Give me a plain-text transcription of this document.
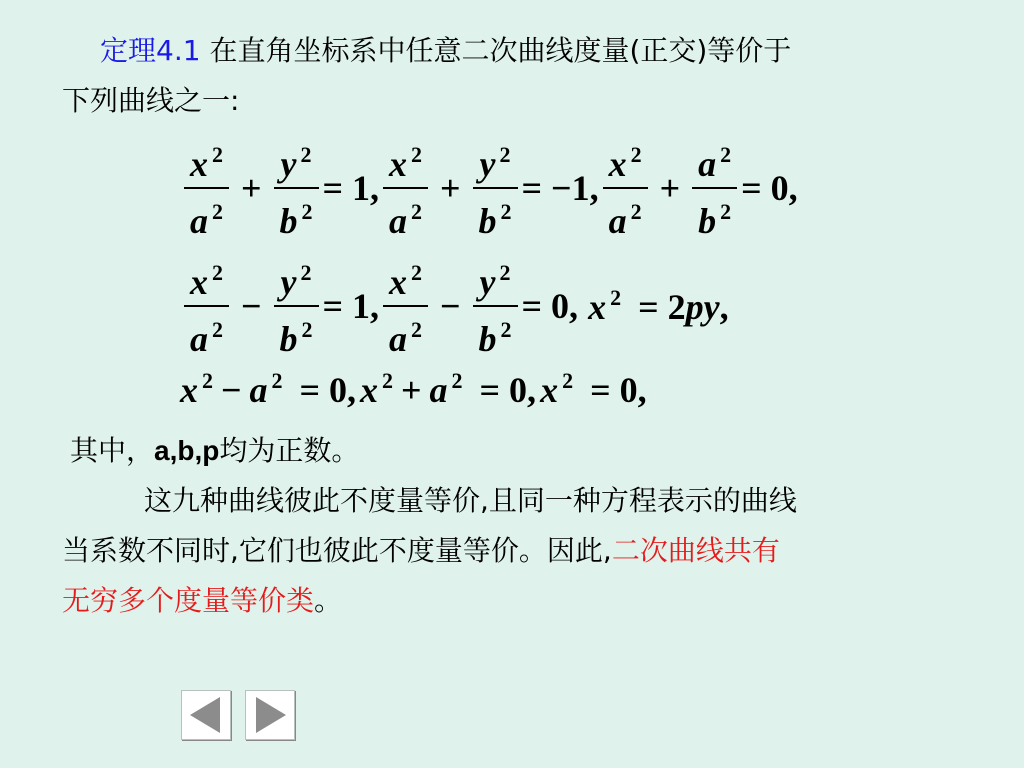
定理4.1 在直角坐标系中任意二次曲线度量(正交)等价于
下列曲线之一:
$\frac{x ^2}{a ^2} + \frac{y ^2}{b ^2} = 1$, $\frac{x ^2}{a ^2} + \frac{y ^2}{b ^2} = -1$, $\frac{x ^2}{a ^2} + \frac{a ^2}{b ^2} = 0$,
$\frac{x ^2}{a ^2} - \frac{y ^2}{b ^2} = 1$, $\frac{x ^2}{a ^2} - \frac{y ^2}{b ^2} = 0$, x $^2$ = 2py,
x $^2$ − a $^2$ = 0, x $^2$ + a $^2$ = 0, x $^2$ = 0,
其中，a,b,p均为正数。
这九种曲线彼此不度量等价,且同一种方程表示的曲线
当系数不同时,它们也彼此不度量等价。因此,二次曲线共有
无穷多个度量等价类。
